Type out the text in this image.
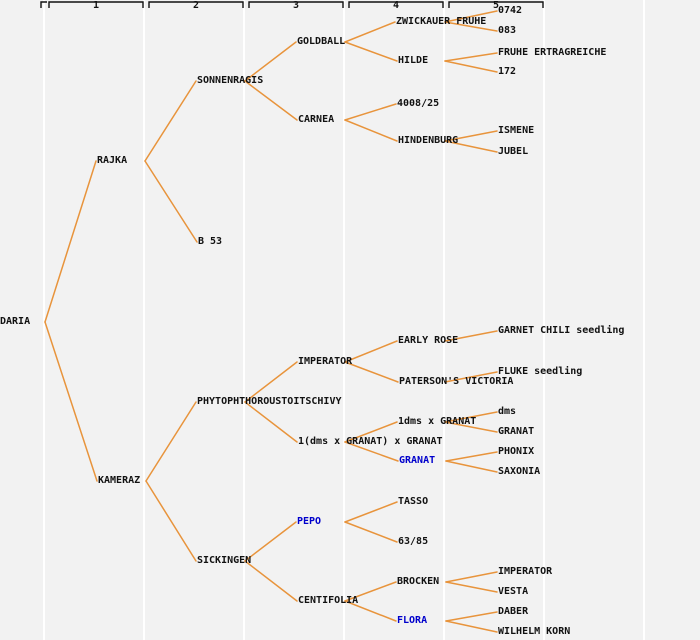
1	2	3	4	5
DARIA
RAJKA
KAMERAZ
SONNENRAGIS
B 53
PHYTOPHTHOROUSTOITSCHIVY
SICKINGEN
GOLDBALL
CARNEA
IMPERATOR
1(dms x GRANAT) x GRANAT
PEPO
CENTIFOLIA
ZWICKAUER FRUHE
HILDE
4008/25
HINDENBURG
EARLY ROSE
PATERSON'S VICTORIA
1dms x GRANAT
GRANAT
TASSO
63/85
BROCKEN
FLORA
0742
083
FRUHE ERTRAGREICHE
172
ISMENE
JUBEL
GARNET CHILI seedling
FLUKE seedling
dms
GRANAT
PHONIX
SAXONIA
IMPERATOR
VESTA
DABER
WILHELM KORN
